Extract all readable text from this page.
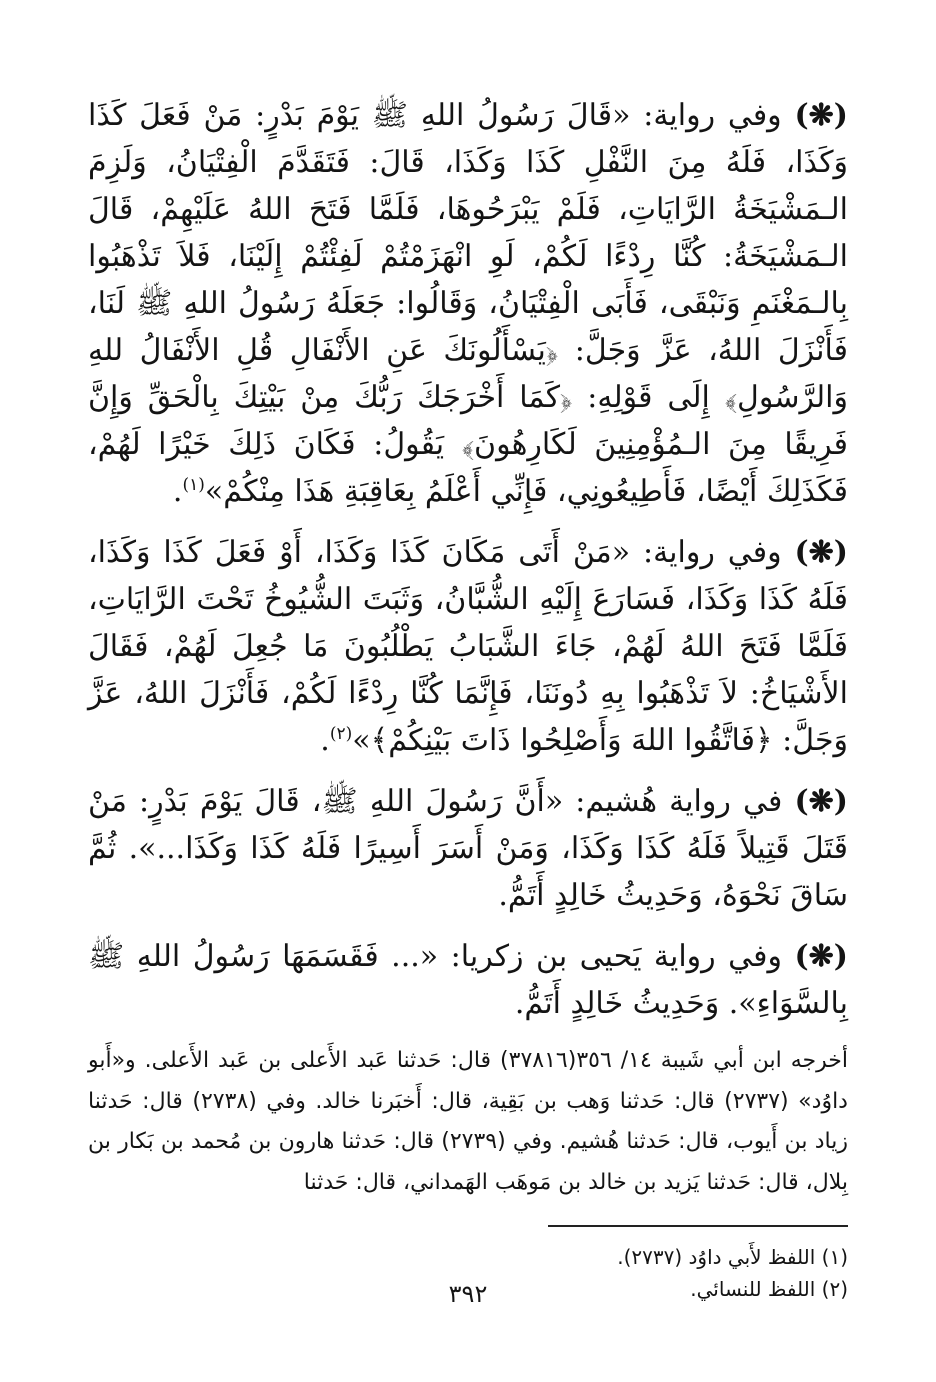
(❋) وفي رواية: «قَالَ رَسُولُ اللهِ ﷺ يَوْمَ بَدْرٍ: مَنْ فَعَلَ كَذَا وَكَذَا، فَلَهُ مِنَ النَّفْلِ كَذَا وَكَذَا، قَالَ: فَتَقَدَّمَ الْفِتْيَانُ، وَلَزِمَ الـمَشْيَخَةُ الرَّايَاتِ، فَلَمْ يَبْرَحُوهَا، فَلَمَّا فَتَحَ اللهُ عَلَيْهِمْ، قَالَ الـمَشْيَخَةُ: كُنَّا رِدْءًا لَكُمْ، لَوِ انْهَزَمْتُمْ لَفِئْتُمْ إِلَيْنَا، فَلاَ تَذْهَبُوا بِالـمَغْنَمِ وَنَبْقَى، فَأَبَى الْفِتْيَانُ، وَقَالُوا: جَعَلَهُ رَسُولُ اللهِ ﷺ لَنَا، فَأَنْزَلَ اللهُ، عَزَّ وَجَلَّ: ﴿يَسْأَلُونَكَ عَنِ الأَنْفَالِ قُلِ الأَنْفَالُ للهِ وَالرَّسُولِ﴾ إِلَى قَوْلِهِ: ﴿كَمَا أَخْرَجَكَ رَبُّكَ مِنْ بَيْتِكَ بِالْحَقِّ وَإِنَّ فَرِيقًا مِنَ الـمُؤْمِنِينَ لَكَارِهُونَ﴾ يَقُولُ: فَكَانَ ذَلِكَ خَيْرًا لَهُمْ، فَكَذَلِكَ أَيْضًا، فَأَطِيعُونِي، فَإِنِّي أَعْلَمُ بِعَاقِبَةِ هَذَا مِنْكُمْ»$^{(١)}$.

(❋) وفي رواية: «مَنْ أَتَى مَكَانَ كَذَا وَكَذَا، أَوْ فَعَلَ كَذَا وَكَذَا، فَلَهُ كَذَا وَكَذَا، فَسَارَعَ إِلَيْهِ الشُّبَّانُ، وَثَبَتَ الشُّيُوخُ تَحْتَ الرَّايَاتِ، فَلَمَّا فَتَحَ اللهُ لَهُمْ، جَاءَ الشَّبَابُ يَطْلُبُونَ مَا جُعِلَ لَهُمْ، فَقَالَ الأَشْيَاخُ: لاَ تَذْهَبُوا بِهِ دُونَنَا، فَإِنَّمَا كُنَّا رِدْءًا لَكُمْ، فَأَنْزَلَ اللهُ، عَزَّ وَجَلَّ: ﴿فَاتَّقُوا اللهَ وَأَصْلِحُوا ذَاتَ بَيْنِكُمْ﴾»$^{(٢)}$.

(❋) في رواية هُشيم: «أَنَّ رَسُولَ اللهِ ﷺ، قَالَ يَوْمَ بَدْرٍ: مَنْ قَتَلَ قَتِيلاً فَلَهُ كَذَا وَكَذَا، وَمَنْ أَسَرَ أَسِيرًا فَلَهُ كَذَا وَكَذَا...». ثُمَّ سَاقَ نَحْوَهُ، وَحَدِيثُ خَالِدٍ أَتَمُّ.

(❋) وفي رواية يَحيى بن زكريا: «... فَقَسَمَهَا رَسُولُ اللهِ ﷺ بِالسَّوَاءِ». وَحَدِيثُ خَالِدٍ أَتَمُّ.

أخرجه ابن أبي شَيبة ١٤/ ٣٥٦(٣٧٨١٦) قال: حَدثنا عَبد الأَعلى بن عَبد الأَعلى. و«أَبو داوُد» (٢٧٣٧) قال: حَدثنا وَهب بن بَقِية، قال: أَخبَرنا خالد. وفي (٢٧٣٨) قال: حَدثنا زياد بن أَيوب، قال: حَدثنا هُشيم. وفي (٢٧٣٩) قال: حَدثنا هارون بن مُحمد بن بَكار بن بِلال، قال: حَدثنا يَزيد بن خالد بن مَوهَب الهَمداني، قال: حَدثنا

(١) اللفظ لأَبي داوُد (٢٧٣٧).

(٢) اللفظ للنسائي.

٣٩٢
